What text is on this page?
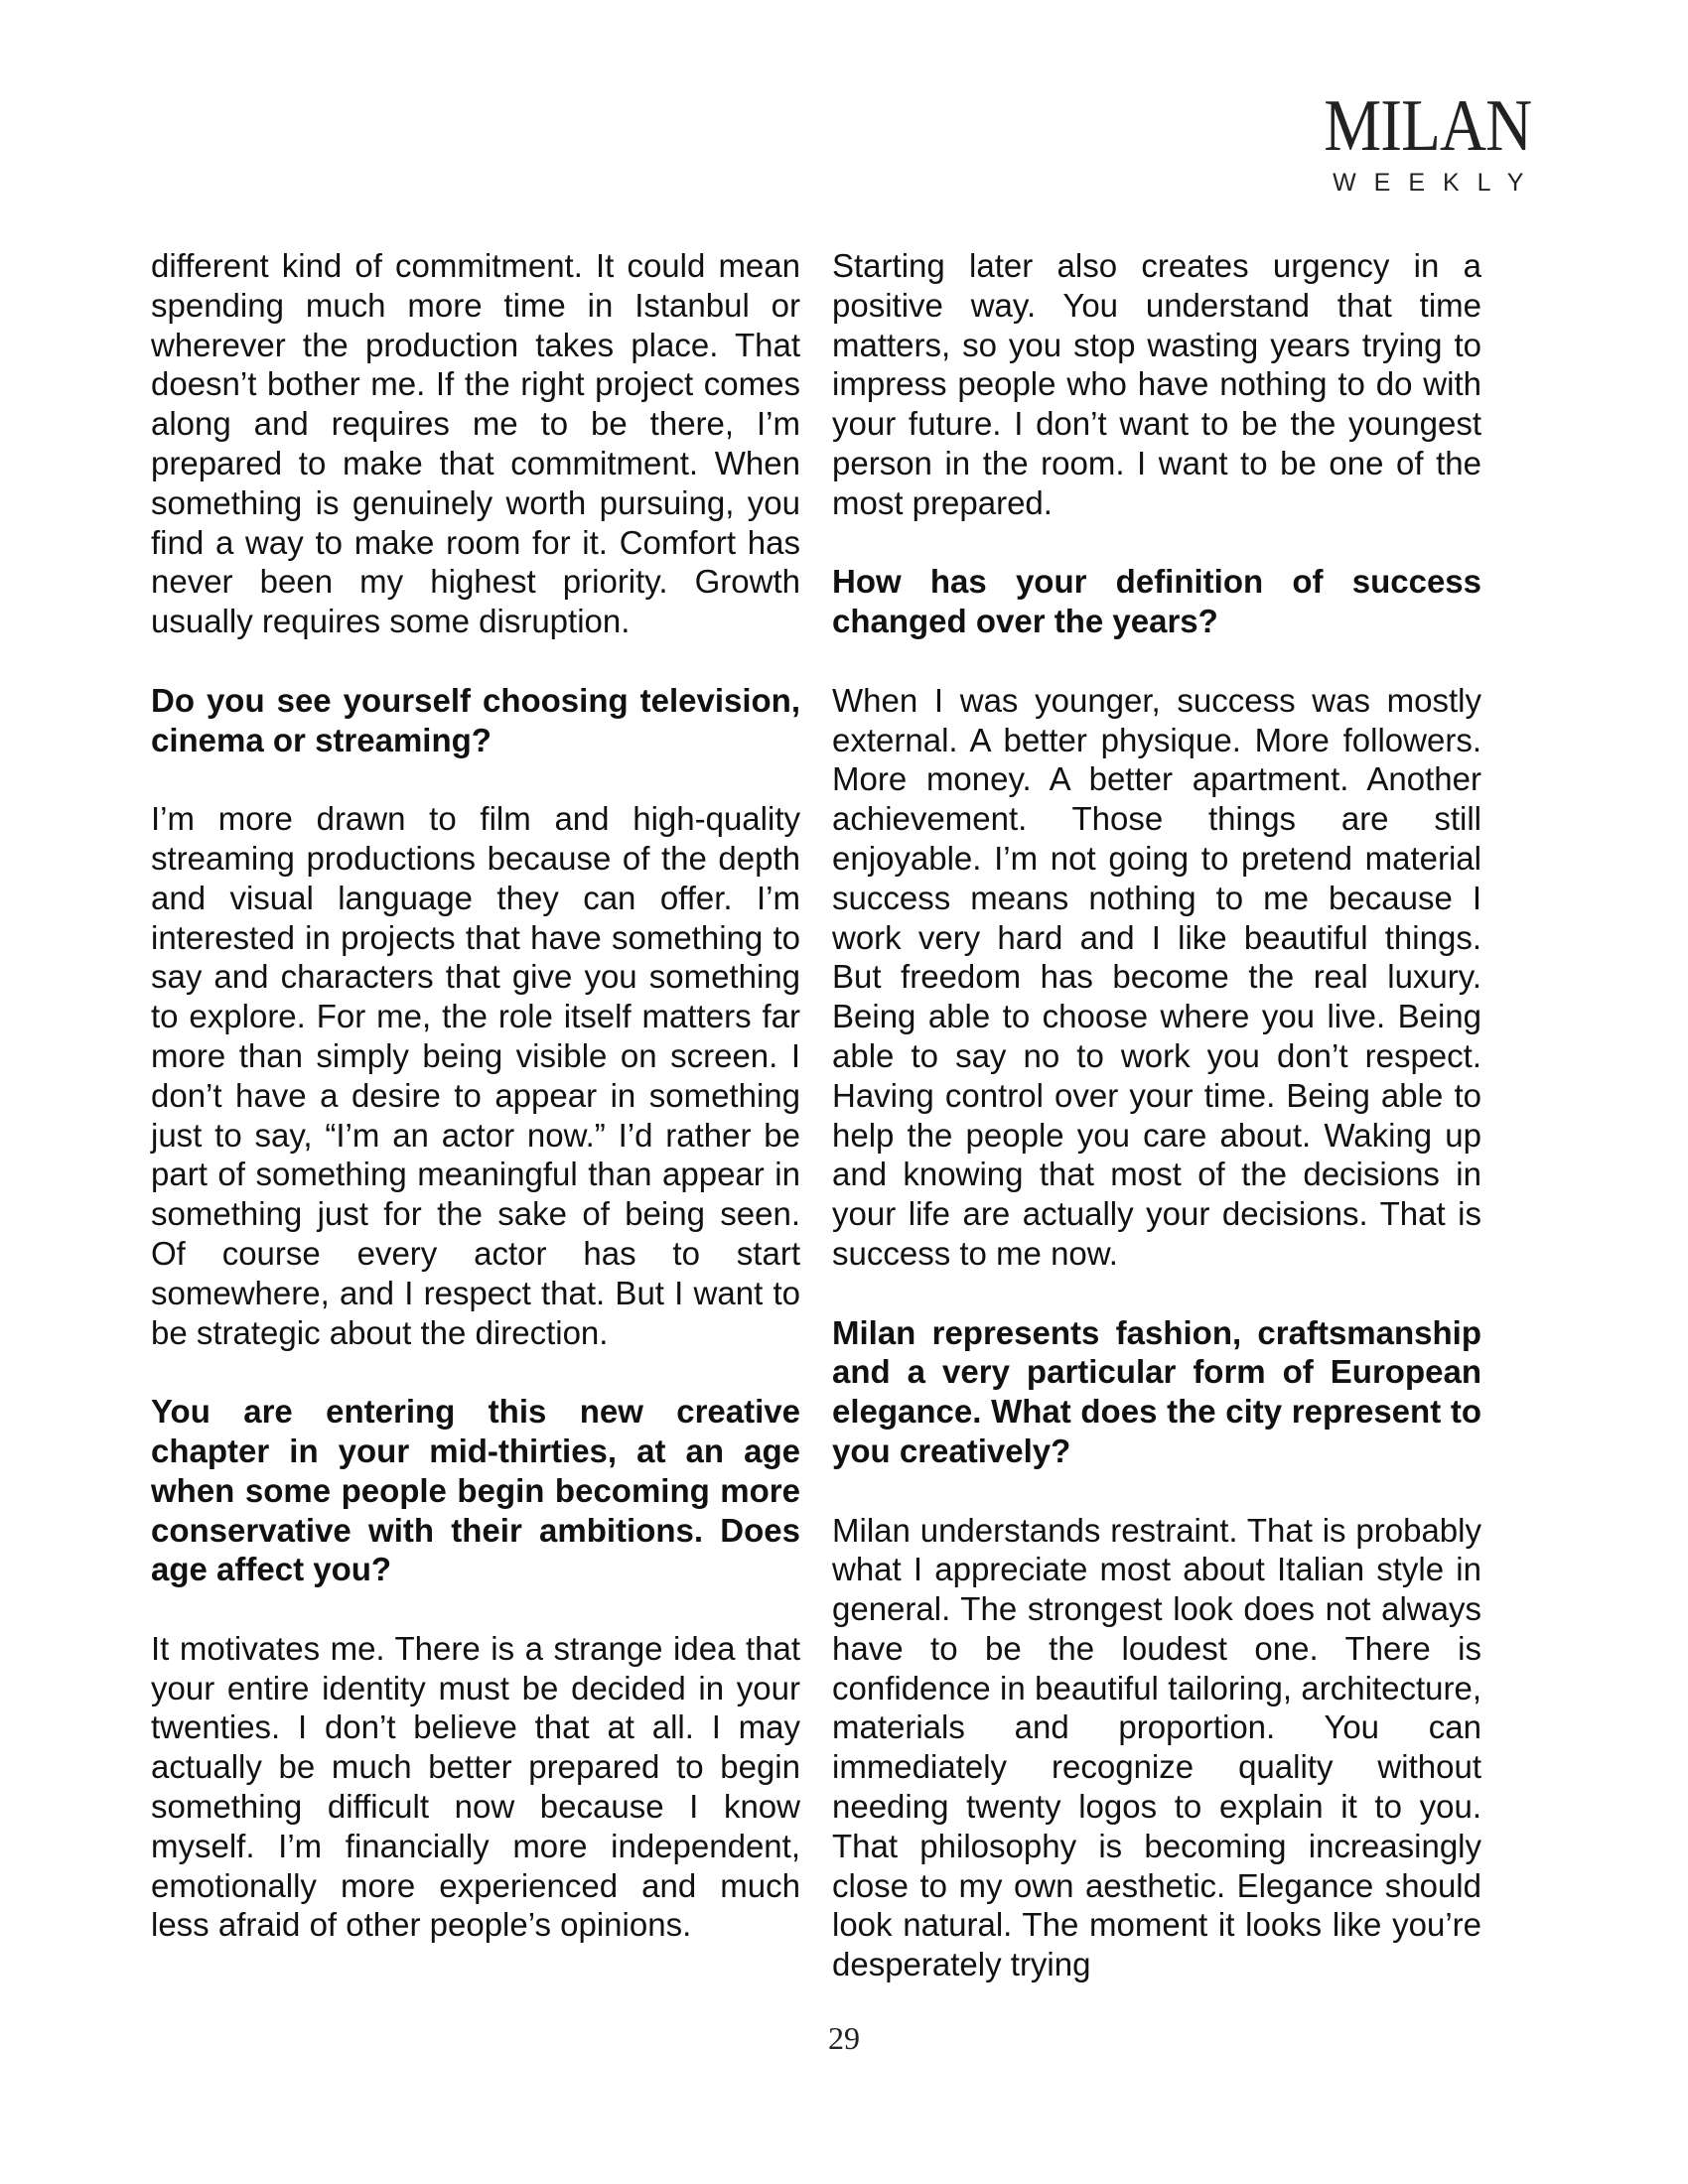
MILAN
WEEKLY

different kind of commitment. It could mean spending much more time in Istanbul or wherever the production takes place. That doesn’t bother me. If the right project comes along and requires me to be there, I’m prepared to make that commitment. When something is genuinely worth pursuing, you find a way to make room for it. Comfort has never been my highest priority. Growth usually requires some disruption.

Do you see yourself choosing television, cinema or streaming?

I’m more drawn to film and high-quality streaming productions because of the depth and visual language they can offer. I’m interested in projects that have something to say and characters that give you something to explore. For me, the role itself matters far more than simply being visible on screen. I don’t have a desire to appear in something just to say, “I’m an actor now.” I’d rather be part of something meaningful than appear in something just for the sake of being seen. Of course every actor has to start somewhere, and I respect that. But I want to be strategic about the direction.

You are entering this new creative chapter in your mid-thirties, at an age when some people begin becoming more conservative with their ambitions. Does age affect you?

It motivates me. There is a strange idea that your entire identity must be decided in your twenties. I don’t believe that at all. I may actually be much better prepared to begin something difficult now because I know myself. I’m financially more independent, emotionally more experienced and much less afraid of other people’s opinions.

Starting later also creates urgency in a positive way. You understand that time matters, so you stop wasting years trying to impress people who have nothing to do with your future. I don’t want to be the youngest person in the room. I want to be one of the most prepared.

How has your definition of success changed over the years?

When I was younger, success was mostly external. A better physique. More followers. More money. A better apartment. Another achievement. Those things are still enjoyable. I’m not going to pretend material success means nothing to me because I work very hard and I like beautiful things. But freedom has become the real luxury. Being able to choose where you live. Being able to say no to work you don’t respect. Having control over your time. Being able to help the people you care about. Waking up and knowing that most of the decisions in your life are actually your decisions. That is success to me now.

Milan represents fashion, craftsmanship and a very particular form of European elegance. What does the city represent to you creatively?

Milan understands restraint. That is probably what I appreciate most about Italian style in general. The strongest look does not always have to be the loudest one. There is confidence in beautiful tailoring, architecture, materials and proportion. You can immediately recognize quality without needing twenty logos to explain it to you. That philosophy is becoming increasingly close to my own aesthetic. Elegance should look natural. The moment it looks like you’re desperately trying

29
